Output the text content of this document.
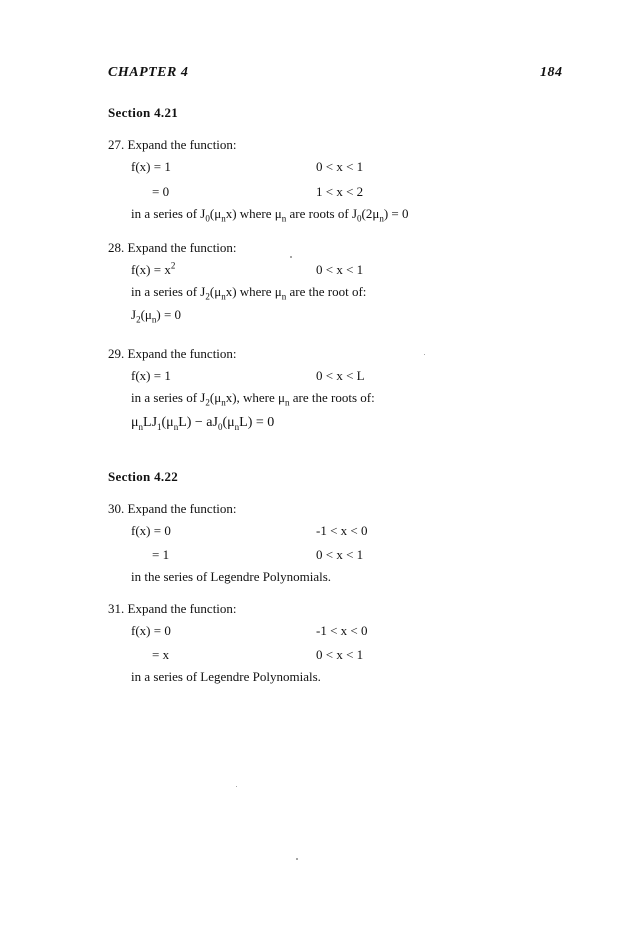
CHAPTER 4	184
Section 4.21
27. Expand the function:
f(x) = 1	0 < x < 1
= 0	1 < x < 2
in a series of $J_0(\mu_nx)$ where $\mu_n$ are roots of $J_0(2\mu_n) = 0$
28. Expand the function:
$f(x) = x^2$	0 < x < 1
in a series of $J_2(\mu_nx)$ where $\mu_n$ are the root of:
$J_2(\mu_n) = 0$
29. Expand the function:
f(x) = 1	0 < x < L
in a series of $J_2(\mu_nx)$, where $\mu_n$ are the roots of:
$\mu_nLJ_1(\mu_nL) - aJ_0(\mu_nL) = 0$
Section 4.22
30. Expand the function:
f(x) = 0	-1 < x < 0
= 1	0 < x < 1
in the series of Legendre Polynomials.
31. Expand the function:
f(x) = 0	-1 < x < 0
= x	0 < x < 1
in a series of Legendre Polynomials.
